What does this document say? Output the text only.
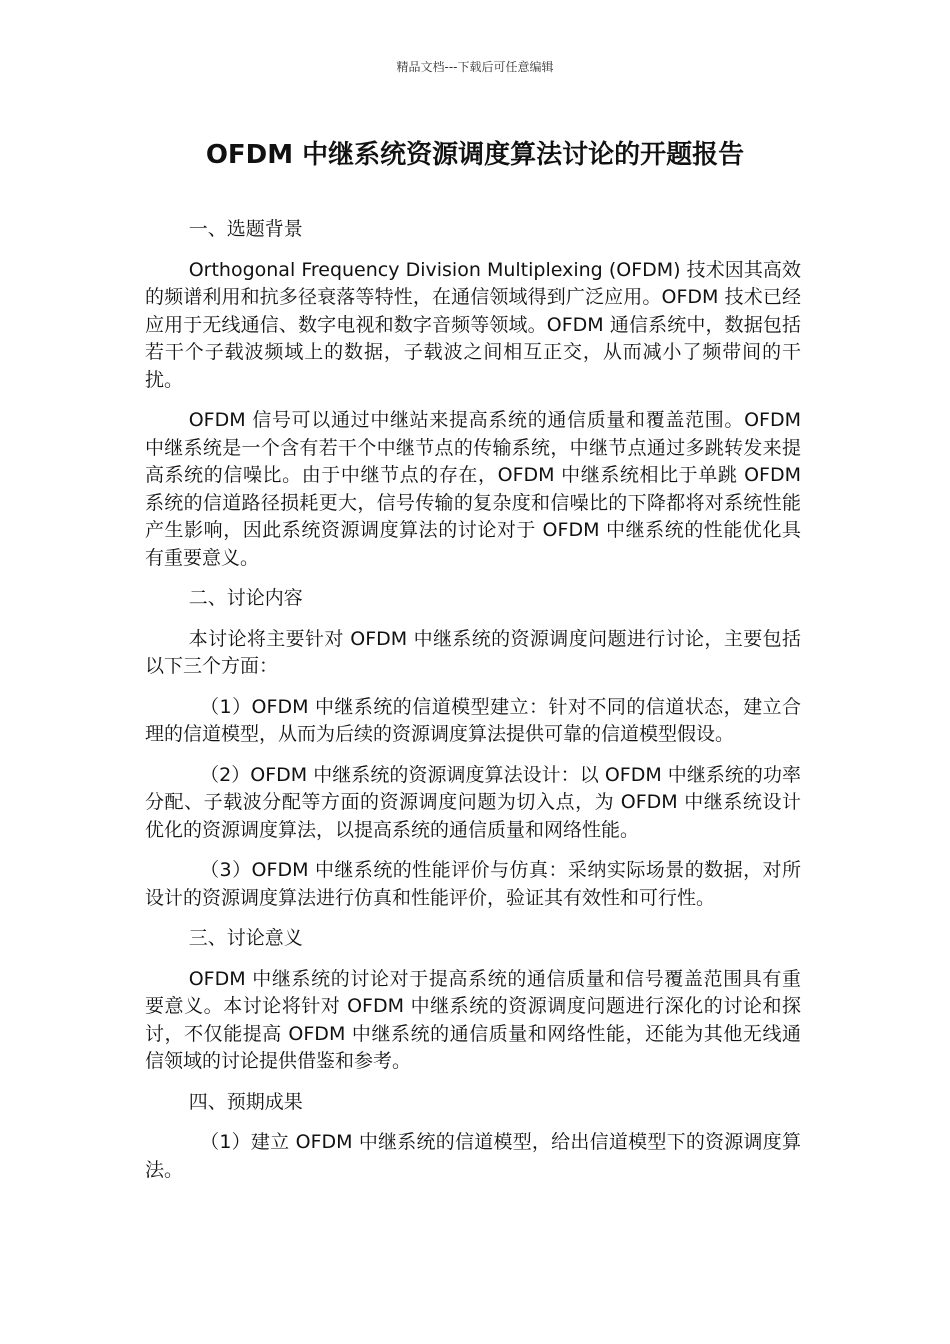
精品文档---下载后可任意编辑
OFDM 中继系统资源调度算法讨论的开题报告

一、选题背景

Orthogonal Frequency Division Multiplexing (OFDM) 技术因其高效的频谱利用和抗多径衰落等特性，在通信领域得到广泛应用。OFDM 技术已经应用于无线通信、数字电视和数字音频等领域。OFDM 通信系统中，数据包括若干个子载波频域上的数据，子载波之间相互正交，从而减小了频带间的干扰。

OFDM 信号可以通过中继站来提高系统的通信质量和覆盖范围。OFDM 中继系统是一个含有若干个中继节点的传输系统，中继节点通过多跳转发来提高系统的信噪比。由于中继节点的存在，OFDM 中继系统相比于单跳 OFDM 系统的信道路径损耗更大，信号传输的复杂度和信噪比的下降都将对系统性能产生影响，因此系统资源调度算法的讨论对于 OFDM 中继系统的性能优化具有重要意义。

二、讨论内容

本讨论将主要针对 OFDM 中继系统的资源调度问题进行讨论，主要包括以下三个方面：

（1）OFDM 中继系统的信道模型建立：针对不同的信道状态，建立合理的信道模型，从而为后续的资源调度算法提供可靠的信道模型假设。

（2）OFDM 中继系统的资源调度算法设计：以 OFDM 中继系统的功率分配、子载波分配等方面的资源调度问题为切入点，为 OFDM 中继系统设计优化的资源调度算法，以提高系统的通信质量和网络性能。

（3）OFDM 中继系统的性能评价与仿真：采纳实际场景的数据，对所设计的资源调度算法进行仿真和性能评价，验证其有效性和可行性。

三、讨论意义

OFDM 中继系统的讨论对于提高系统的通信质量和信号覆盖范围具有重要意义。本讨论将针对 OFDM 中继系统的资源调度问题进行深化的讨论和探讨，不仅能提高 OFDM 中继系统的通信质量和网络性能，还能为其他无线通信领域的讨论提供借鉴和参考。

四、预期成果

（1）建立 OFDM 中继系统的信道模型，给出信道模型下的资源调度算法。
